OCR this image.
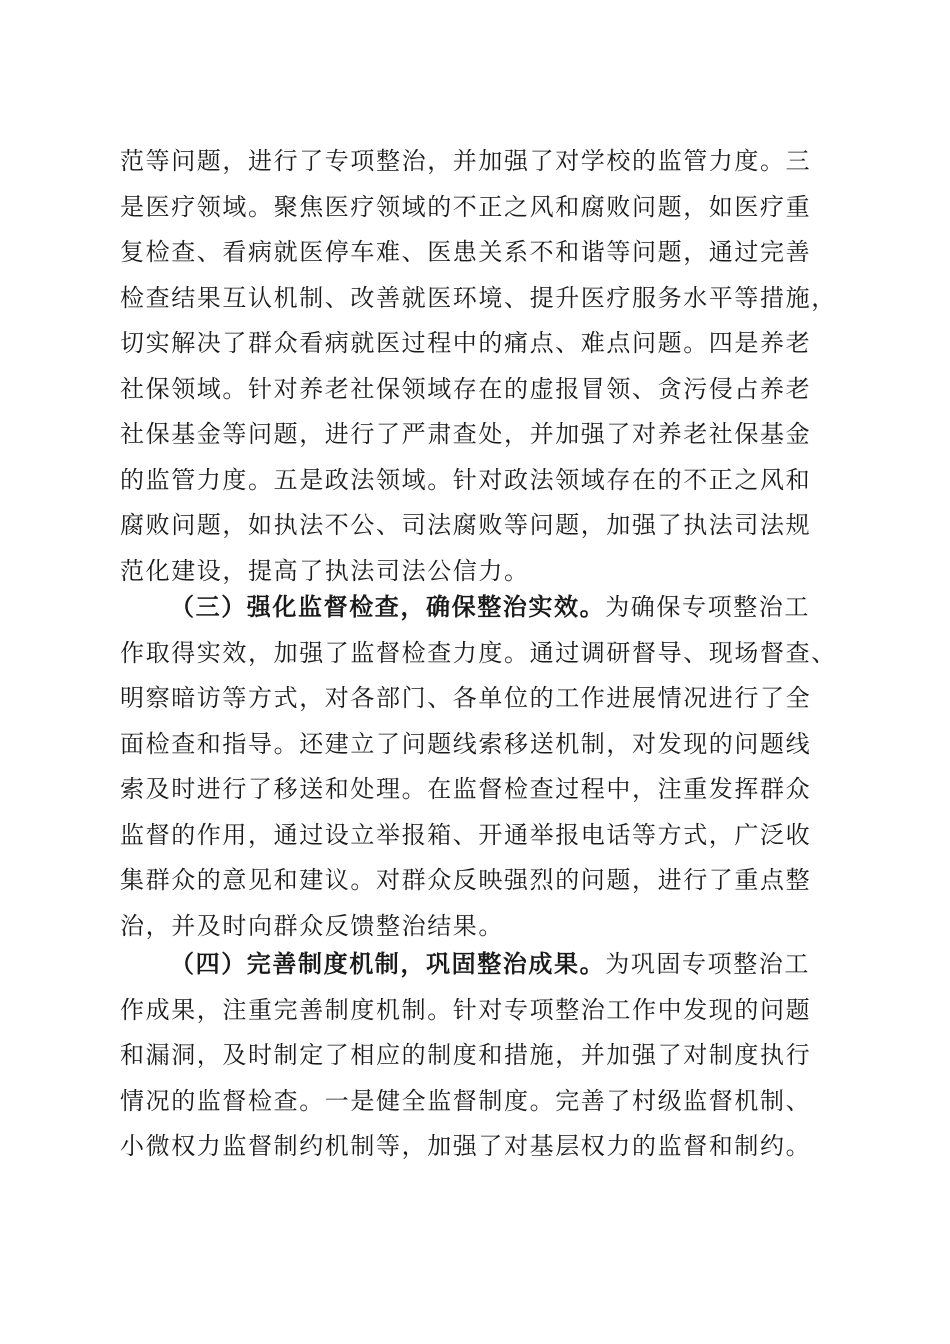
范等问题，进行了专项整治，并加强了对学校的监管力度。三
是医疗领域。聚焦医疗领域的不正之风和腐败问题，如医疗重
复检查、看病就医停车难、医患关系不和谐等问题，通过完善
检查结果互认机制、改善就医环境、提升医疗服务水平等措施，
切实解决了群众看病就医过程中的痛点、难点问题。四是养老
社保领域。针对养老社保领域存在的虚报冒领、贪污侵占养老
社保基金等问题，进行了严肃查处，并加强了对养老社保基金
的监管力度。五是政法领域。针对政法领域存在的不正之风和
腐败问题，如执法不公、司法腐败等问题，加强了执法司法规
范化建设，提高了执法司法公信力。
（三）强化监督检查，确保整治实效。为确保专项整治工
作取得实效，加强了监督检查力度。通过调研督导、现场督查、
明察暗访等方式，对各部门、各单位的工作进展情况进行了全
面检查和指导。还建立了问题线索移送机制，对发现的问题线
索及时进行了移送和处理。在监督检查过程中，注重发挥群众
监督的作用，通过设立举报箱、开通举报电话等方式，广泛收
集群众的意见和建议。对群众反映强烈的问题，进行了重点整
治，并及时向群众反馈整治结果。
（四）完善制度机制，巩固整治成果。为巩固专项整治工
作成果，注重完善制度机制。针对专项整治工作中发现的问题
和漏洞，及时制定了相应的制度和措施，并加强了对制度执行
情况的监督检查。一是健全监督制度。完善了村级监督机制、
小微权力监督制约机制等，加强了对基层权力的监督和制约。
